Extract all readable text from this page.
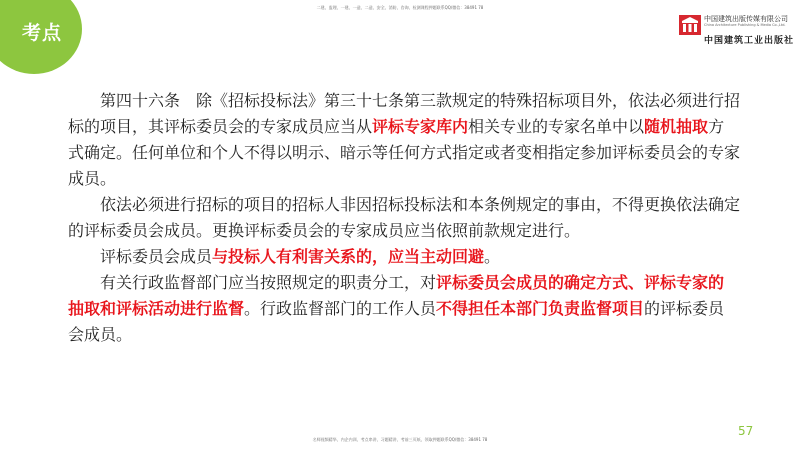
考点
二建、监理、一建、一造、二造、安全、消防、咨询、检测课程押题联系QQ/微信：38491 78
中国建筑出版传媒有限公司
China Architecture Publishing & Media Co.,Ltd.
中国建筑工业出版社

第四十六条　除《招标投标法》第三十七条第三款规定的特殊招标项目外，依法必须进行招标的项目，其评标委员会的专家成员应当从评标专家库内相关专业的专家名单中以随机抽取方式确定。任何单位和个人不得以明示、暗示等任何方式指定或者变相指定参加评标委员会的专家成员。

依法必须进行招标的项目的招标人非因招标投标法和本条例规定的事由，不得更换依法确定的评标委员会成员。更换评标委员会的专家成员应当依照前款规定进行。

评标委员会成员与投标人有利害关系的，应当主动回避。

有关行政监督部门应当按照规定的职责分工，对评标委员会成员的确定方式、评标专家的抽取和评标活动进行监督。行政监督部门的工作人员不得担任本部门负责监督项目的评标委员会成员。

57
名师视频精华、内企内训、考点串讲、习题精讲、考前三页纸、领取押题联系QQ/微信：38491 78
